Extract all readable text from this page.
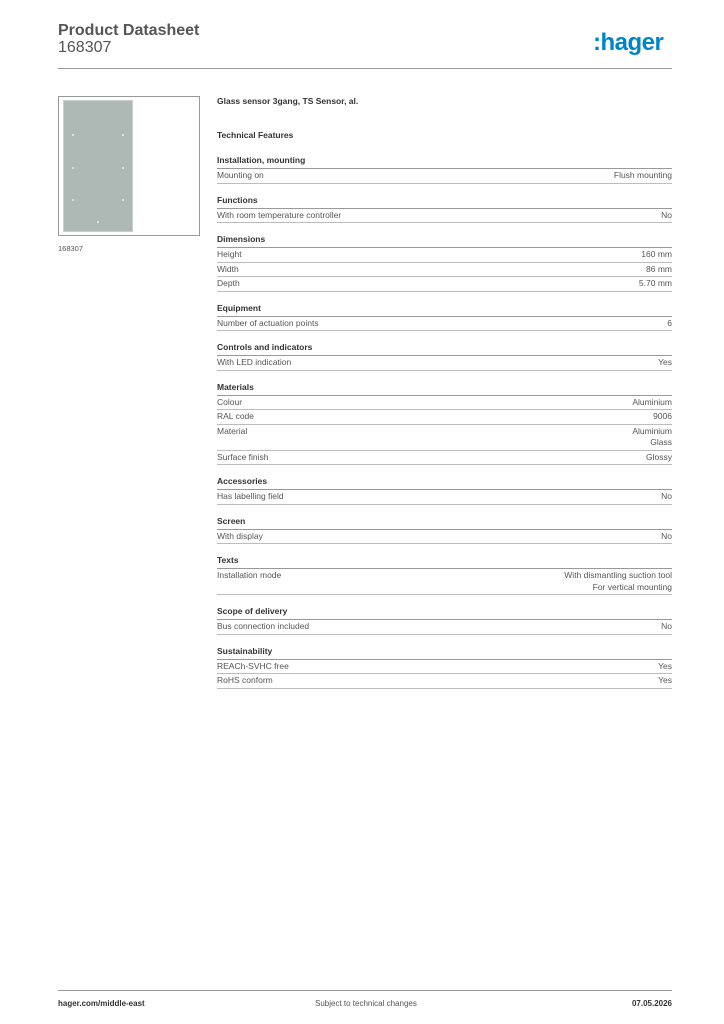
Product Datasheet
168307	:hager
168307
Glass sensor 3gang, TS Sensor, al.
Technical Features
Installation, mounting
Mounting on	Flush mounting
Functions
With room temperature controller	No
Dimensions
Height	160 mm
Width	86 mm
Depth	5.70 mm
Equipment
Number of actuation points	6
Controls and indicators
With LED indication	Yes
Materials
Colour	Aluminium
RAL code	9006
Material	Aluminium
Glass
Surface finish	Glossy
Accessories
Has labelling field	No
Screen
With display	No
Texts
Installation mode	With dismantling suction tool
For vertical mounting
Scope of delivery
Bus connection included	No
Sustainability
REACh-SVHC free	Yes
RoHS conform	Yes
hager.com/middle-east	Subject to technical changes	07.05.2026
